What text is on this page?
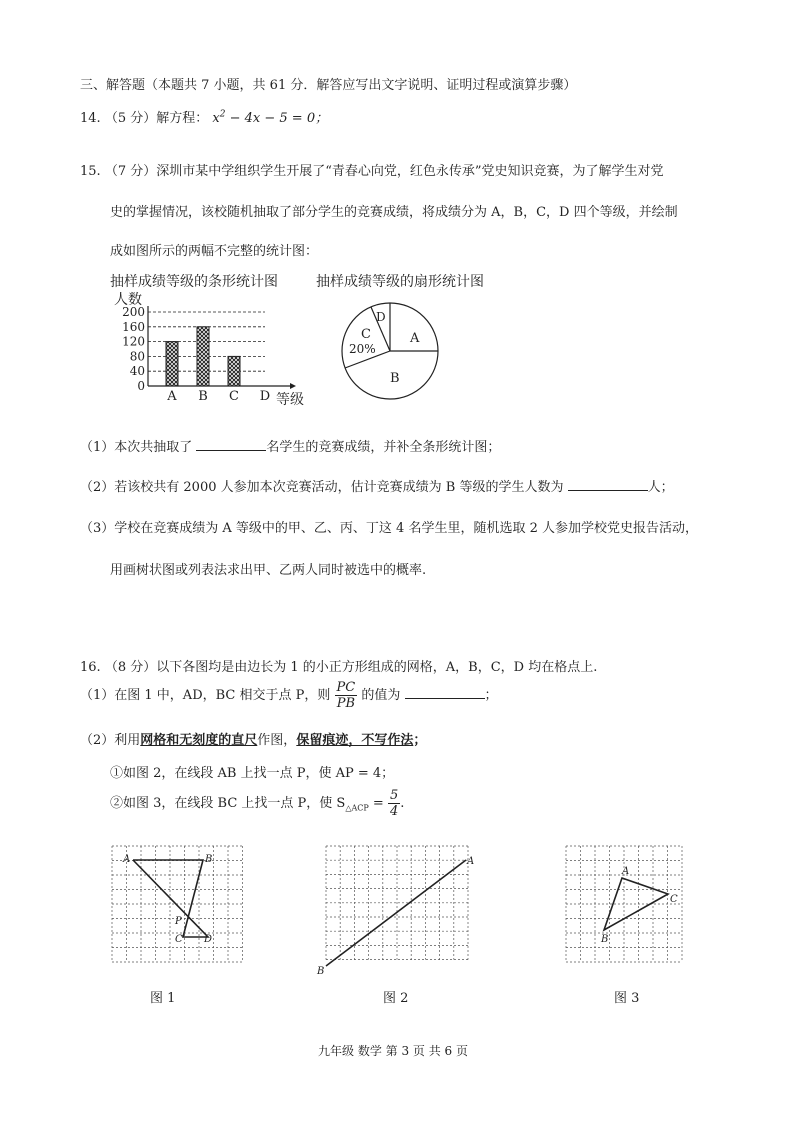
三、解答题（本题共 7 小题，共 61 分．解答应写出文字说明、证明过程或演算步骤）
14. （5 分）解方程： $x^2 - 4x - 5 = 0$；
15. （7 分）深圳市某中学组织学生开展了“青春心向党，红色永传承”党史知识竞赛，为了解学生对党
史的掌握情况，该校随机抽取了部分学生的竞赛成绩，将成绩分为 A，B，C，D 四个等级，并绘制
成如图所示的两幅不完整的统计图：
抽样成绩等级的条形统计图	抽样成绩等级的扇形统计图
人数
等级
0
40
80
120
160
200
A B C D
A
B
C
20%
D
（1）本次共抽取了	名学生的竞赛成绩，并补全条形统计图；
（2）若该校共有 2000 人参加本次竞赛活动，估计竞赛成绩为 B 等级的学生人数为	人；
（3）学校在竞赛成绩为 A 等级中的甲、乙、丙、丁这 4 名学生里，随机选取 2 人参加学校党史报告活动，
用画树状图或列表法求出甲、乙两人同时被选中的概率.
16. （8 分）以下各图均是由边长为 1 的小正方形组成的网格，A，B，C，D 均在格点上.
（1）在图 1 中，AD，BC 相交于点 P，则 $\frac{PC}{PB}$ 的值为	；
（2）利用网格和无刻度的直尺作图，保留痕迹，不写作法；
①如图 2，在线段 AB 上找一点 P，使 AP = 4；
②如图 3，在线段 BC 上找一点 P，使 $S_{\triangle ACP} = \frac{5}{4}$ .
A	B
P
C D
图 1
A
B
图 2
A
B
C
图 3
九年级 数学 第 3 页 共 6 页
